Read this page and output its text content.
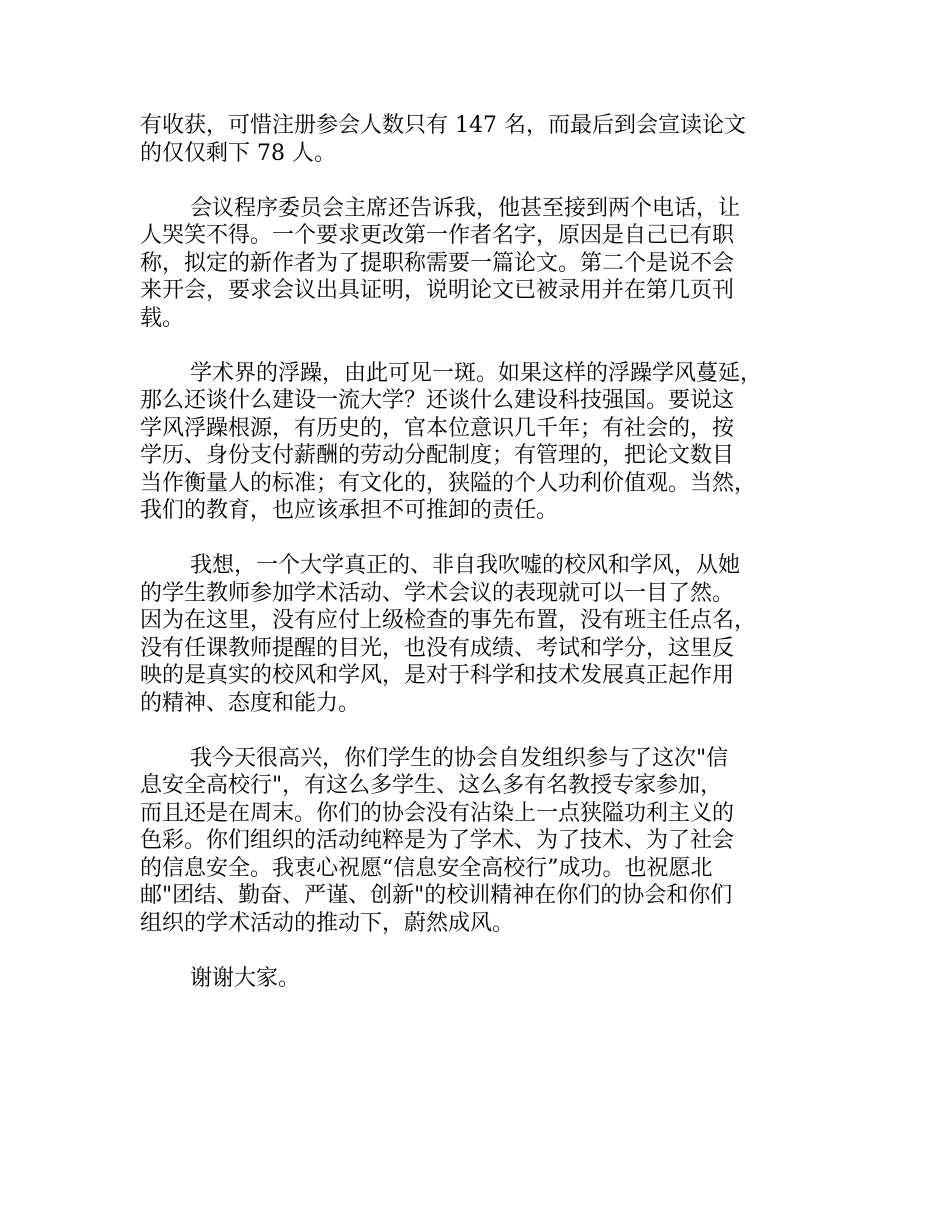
有收获，可惜注册参会人数只有 147 名，而最后到会宣读论文
的仅仅剩下 78 人。

会议程序委员会主席还告诉我，他甚至接到两个电话，让
人哭笑不得。一个要求更改第一作者名字，原因是自己已有职
称，拟定的新作者为了提职称需要一篇论文。第二个是说不会
来开会，要求会议出具证明，说明论文已被录用并在第几页刊
载。

学术界的浮躁，由此可见一斑。如果这样的浮躁学风蔓延，
那么还谈什么建设一流大学？还谈什么建设科技强国。要说这
学风浮躁根源，有历史的，官本位意识几千年；有社会的，按
学历、身份支付薪酬的劳动分配制度；有管理的，把论文数目
当作衡量人的标准；有文化的，狭隘的个人功利价值观。当然，
我们的教育，也应该承担不可推卸的责任。

我想，一个大学真正的、非自我吹嘘的校风和学风，从她
的学生教师参加学术活动、学术会议的表现就可以一目了然。
因为在这里，没有应付上级检查的事先布置，没有班主任点名，
没有任课教师提醒的目光，也没有成绩、考试和学分，这里反
映的是真实的校风和学风，是对于科学和技术发展真正起作用
的精神、态度和能力。

我今天很高兴，你们学生的协会自发组织参与了这次"信
息安全高校行"，有这么多学生、这么多有名教授专家参加，
而且还是在周末。你们的协会没有沾染上一点狭隘功利主义的
色彩。你们组织的活动纯粹是为了学术、为了技术、为了社会
的信息安全。我衷心祝愿“信息安全高校行”成功。也祝愿北
邮"团结、勤奋、严谨、创新"的校训精神在你们的协会和你们
组织的学术活动的推动下，蔚然成风。

谢谢大家。
